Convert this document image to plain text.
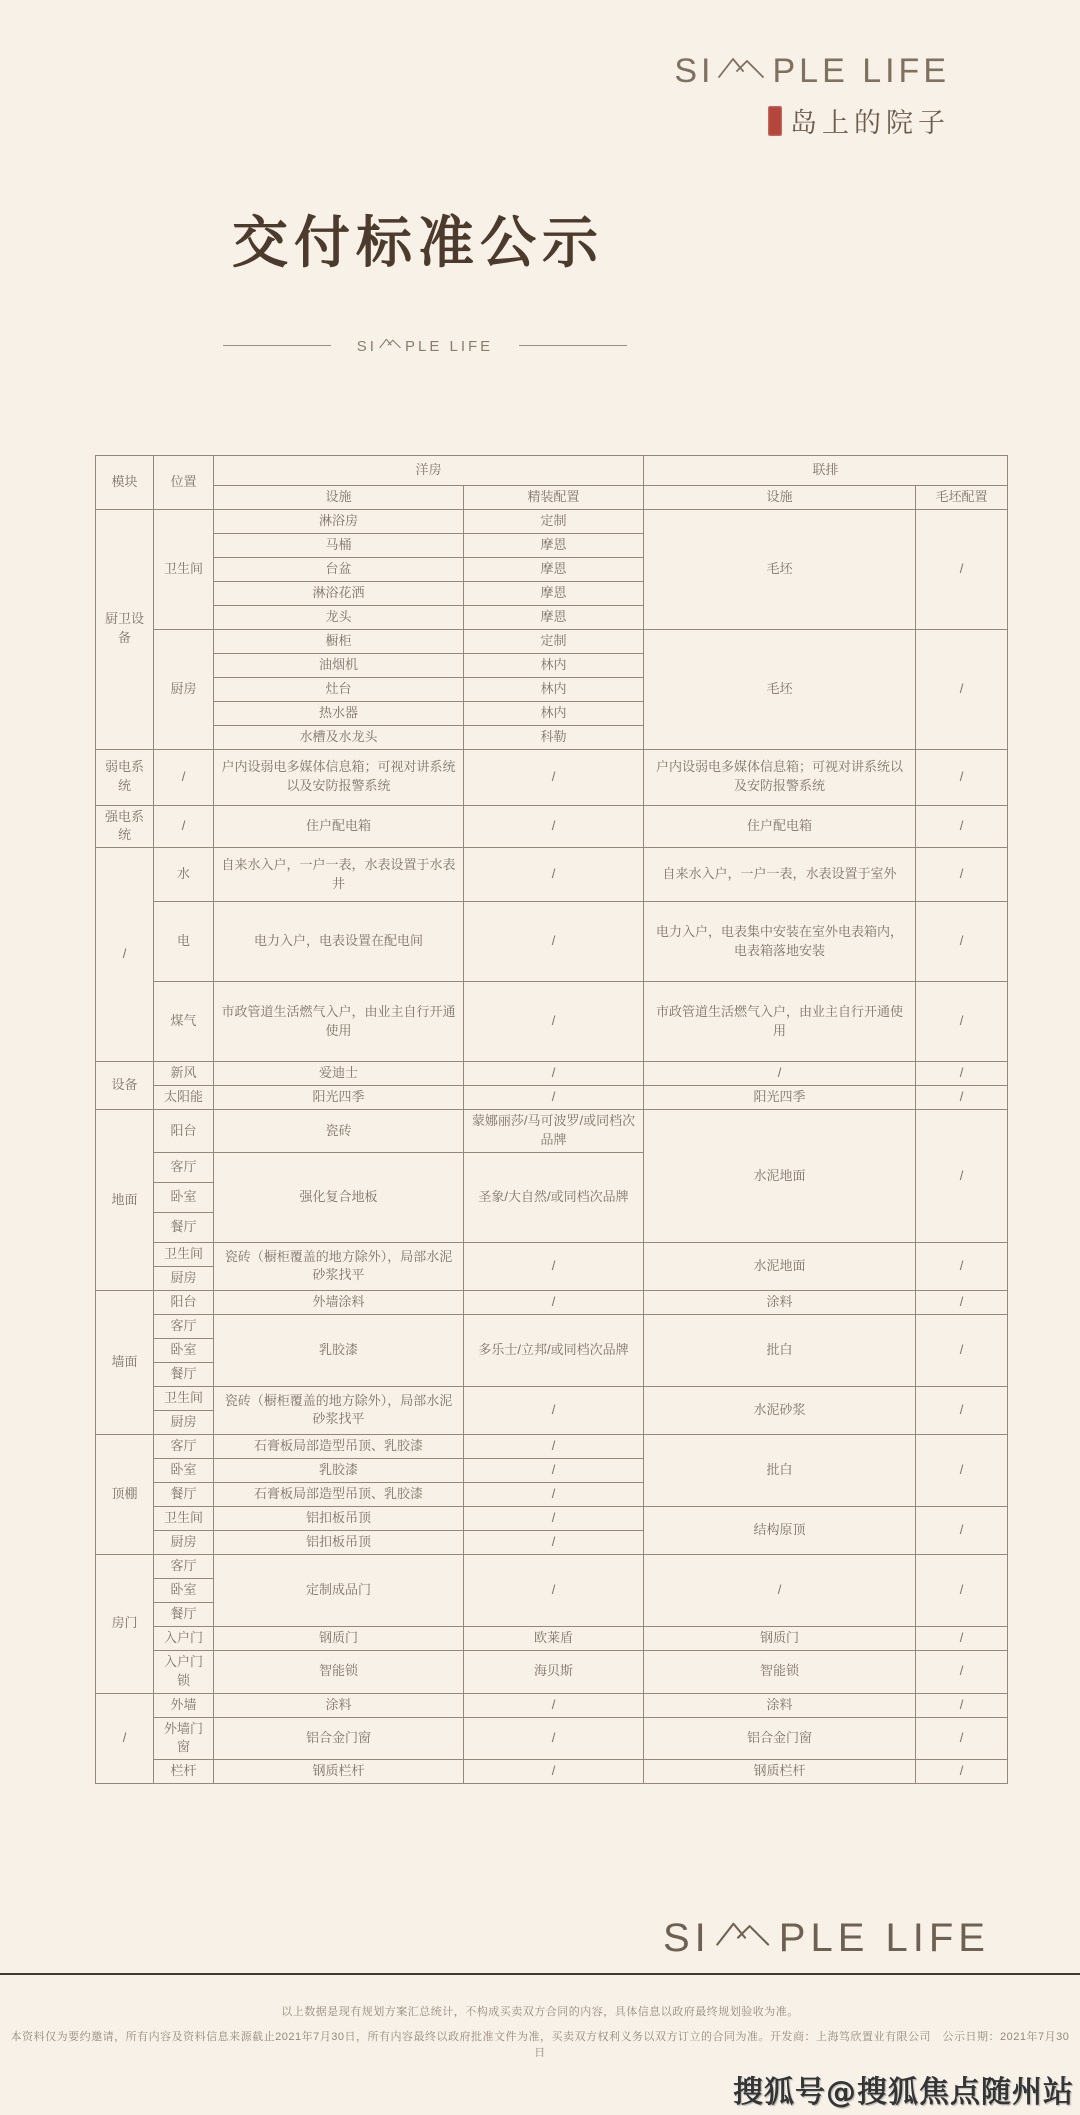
SI PLE LIFE

岛上的院子
交付标准公示
SI PLE LIFE
模块	位置	洋房		联排	
		设施	精装配置	设施	毛坯配置
厨卫设备	卫生间	淋浴房	定制	毛坯	/
		马桶	摩恩		
		台盆	摩恩		
		淋浴花洒	摩恩		
		龙头	摩恩		
	厨房	橱柜	定制	毛坯	/
		油烟机	林内		
		灶台	林内		
		热水器	林内		
		水槽及水龙头	科勒		
弱电系统	/	户内设弱电多媒体信息箱；可视对讲系统以及安防报警系统	/	户内设弱电多媒体信息箱；可视对讲系统以及安防报警系统	/
强电系统	/	住户配电箱	/	住户配电箱	/
/	水	自来水入户，一户一表，水表设置于水表井	/	自来水入户，一户一表，水表设置于室外	/
	电	电力入户，电表设置在配电间	/	电力入户，电表集中安装在室外电表箱内，电表箱落地安装	/
	煤气	市政管道生活燃气入户，由业主自行开通使用	/	市政管道生活燃气入户，由业主自行开通使用	/
设备	新风	爱迪士	/	/	/
	太阳能	阳光四季	/	阳光四季	/
地面	阳台	瓷砖	蒙娜丽莎/马可波罗/或同档次品牌	水泥地面	/
	客厅	强化复合地板	圣象/大自然/或同档次品牌		
	卧室				
	餐厅				
	卫生间	瓷砖（橱柜覆盖的地方除外），局部水泥砂浆找平	/	水泥地面	/
	厨房				
墙面	阳台	外墙涂料	/	涂料	/
	客厅	乳胶漆	多乐士/立邦/或同档次品牌	批白	/
	卧室				
	餐厅				
	卫生间	瓷砖（橱柜覆盖的地方除外），局部水泥砂浆找平	/	水泥砂浆	/
	厨房				
顶棚	客厅	石膏板局部造型吊顶、乳胶漆	/	批白	/
	卧室	乳胶漆	/		
	餐厅	石膏板局部造型吊顶、乳胶漆	/		
	卫生间	铝扣板吊顶	/	结构原顶	/
	厨房	铝扣板吊顶	/		
房门	客厅	定制成品门	/	/	/
	卧室				
	餐厅				
	入户门	钢质门	欧莱盾	钢质门	/
	入户门锁	智能锁	海贝斯	智能锁	/
/	外墙	涂料	/	涂料	/
	外墙门窗	铝合金门窗	/	铝合金门窗	/
	栏杆	钢质栏杆	/	钢质栏杆	/
SI PLE LIFE

以上数据是现有规划方案汇总统计，不构成买卖双方合同的内容，具体信息以政府最终规划验收为准。

本资料仅为要约邀请，所有内容及资料信息来源截止2021年7月30日，所有内容最终以政府批准文件为准，买卖双方权利义务以双方订立的合同为准。开发商：上海笃欣置业有限公司　公示日期：2021年7月30日

搜狐号@搜狐焦点随州站
